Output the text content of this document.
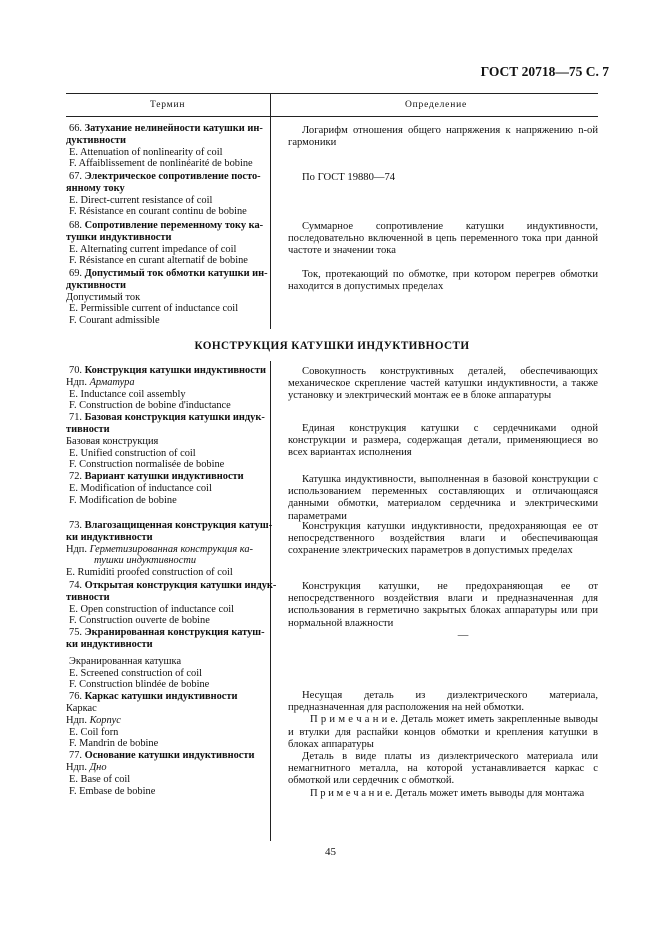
ГОСТ 20718—75 С. 7
Термин	Определение
66. Затухание нелинейности катушки ин-
дуктивности
E. Attenuation of nonlinearity of coil
F. Affaiblissement de nonlinéarité de bobine
67. Электрическое сопротивление посто-
янному току
E. Direct-current resistance of coil
F. Résistance en courant continu de bobine
68. Сопротивление переменному току ка-
тушки индуктивности
E. Alternating current impedance of coil
F. Résistance en curant alternatif de bobine
69. Допустимый ток обмотки катушки ин-
дуктивности
Допустимый ток
E. Permissible current of inductance coil
F. Courant admissible

Логарифм отношения общего напряжения к напряжению n-ой гармоники

По ГОСТ 19880—74

Суммарное сопротивление катушки индуктивности, последовательно включенной в цепь переменного тока при данной частоте и значении тока

Ток, протекающий по обмотке, при котором перегрев обмотки находится в допустимых пределах

КОНСТРУКЦИЯ КАТУШКИ ИНДУКТИВНОСТИ
70. Конструкция катушки индуктивности
Ндп. Арматура
E. Inductance coil assembly
F. Construction de bobine d'inductance
71. Базовая конструкция катушки индук-
тивности
Базовая конструкция
E. Unified construction of coil
F. Construction normalisée de bobine
72. Вариант катушки индуктивности
E. Modification of inductance coil
F. Modification de bobine
73. Влагозащищенная конструкция катуш-
ки индуктивности
Ндп. Герметизированная конструкция ка-
тушки индуктивности
E. Rumiditi proofed construction of coil
74. Открытая конструкция катушки индук-
тивности
E. Open construction of inductance coil
F. Construction ouverte de bobine
75. Экранированная конструкция катуш-
ки индуктивности
Экранированная катушка
E. Screened construction of coil
F. Construction blindée de bobine
76. Каркас катушки индуктивности
Каркас
Ндп. Корпус
E. Coil forn
F. Mandrin de bobine
77. Основание катушки индуктивности
Ндп. Дно
E. Base of coil
F. Embase de bobine

Совокупность конструктивных деталей, обеспечивающих механическое скрепление частей катушки индуктивности, а также установку и электрический монтаж ее в блоке аппаратуры

Единая конструкция катушки с сердечниками одной конструкции и размера, содержащая детали, применяющиеся во всех вариантах исполнения

Катушка индуктивности, выполненная в базовой конструкции с использованием переменных составляющих и отличающаяся данными обмотки, материалом сердечника и электрическими параметрами

Конструкция катушки индуктивности, предохраняющая ее от непосредственного воздействия влаги и обеспечивающая сохранение электрических параметров в допустимых пределах

Конструкция катушки, не предохраняющая ее от непосредственного воздействия влаги и предназначенная для использования в герметично закрытых блоках аппаратуры или при нормальной влажности

—

Несущая деталь из диэлектрического материала, предназначенная для расположения на ней обмотки.

П р и м е ч а н и е. Деталь может иметь закрепленные выводы и втулки для распайки концов обмотки и крепления катушки в блоках аппаратуры

Деталь в виде платы из диэлектрического материала или немагнитного металла, на которой устанавливается каркас с обмоткой или сердечник с обмоткой.

П р и м е ч а н и е. Деталь может иметь выводы для монтажа

45
